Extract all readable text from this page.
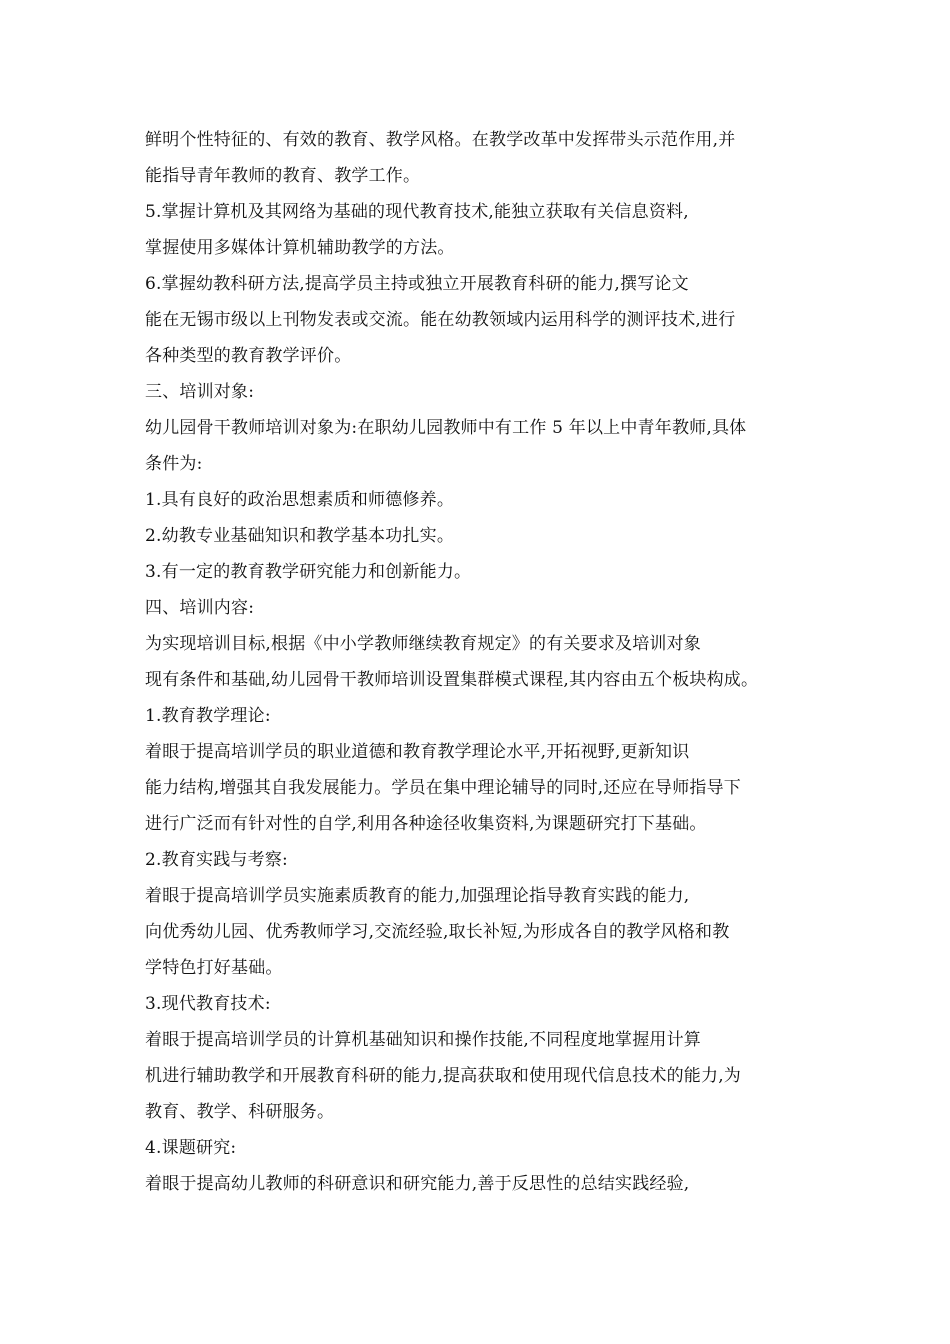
鲜明个性特征的、有效的教育、教学风格。在教学改革中发挥带头示范作用,并
能指导青年教师的教育、教学工作。
5.掌握计算机及其网络为基础的现代教育技术,能独立获取有关信息资料,
掌握使用多媒体计算机辅助教学的方法。
6.掌握幼教科研方法,提高学员主持或独立开展教育科研的能力,撰写论文
能在无锡市级以上刊物发表或交流。能在幼教领域内运用科学的测评技术,进行
各种类型的教育教学评价。
三、培训对象:
幼儿园骨干教师培训对象为:在职幼儿园教师中有工作 5 年以上中青年教师,具体
条件为:
1.具有良好的政治思想素质和师德修养。
2.幼教专业基础知识和教学基本功扎实。
3.有一定的教育教学研究能力和创新能力。
四、培训内容:
为实现培训目标,根据《中小学教师继续教育规定》的有关要求及培训对象
现有条件和基础,幼儿园骨干教师培训设置集群模式课程,其内容由五个板块构成。
1.教育教学理论:
着眼于提高培训学员的职业道德和教育教学理论水平,开拓视野,更新知识
能力结构,增强其自我发展能力。学员在集中理论辅导的同时,还应在导师指导下
进行广泛而有针对性的自学,利用各种途径收集资料,为课题研究打下基础。
2.教育实践与考察:
着眼于提高培训学员实施素质教育的能力,加强理论指导教育实践的能力,
向优秀幼儿园、优秀教师学习,交流经验,取长补短,为形成各自的教学风格和教
学特色打好基础。
3.现代教育技术:
着眼于提高培训学员的计算机基础知识和操作技能,不同程度地掌握用计算
机进行辅助教学和开展教育科研的能力,提高获取和使用现代信息技术的能力,为
教育、教学、科研服务。
4.课题研究:
着眼于提高幼儿教师的科研意识和研究能力,善于反思性的总结实践经验,
